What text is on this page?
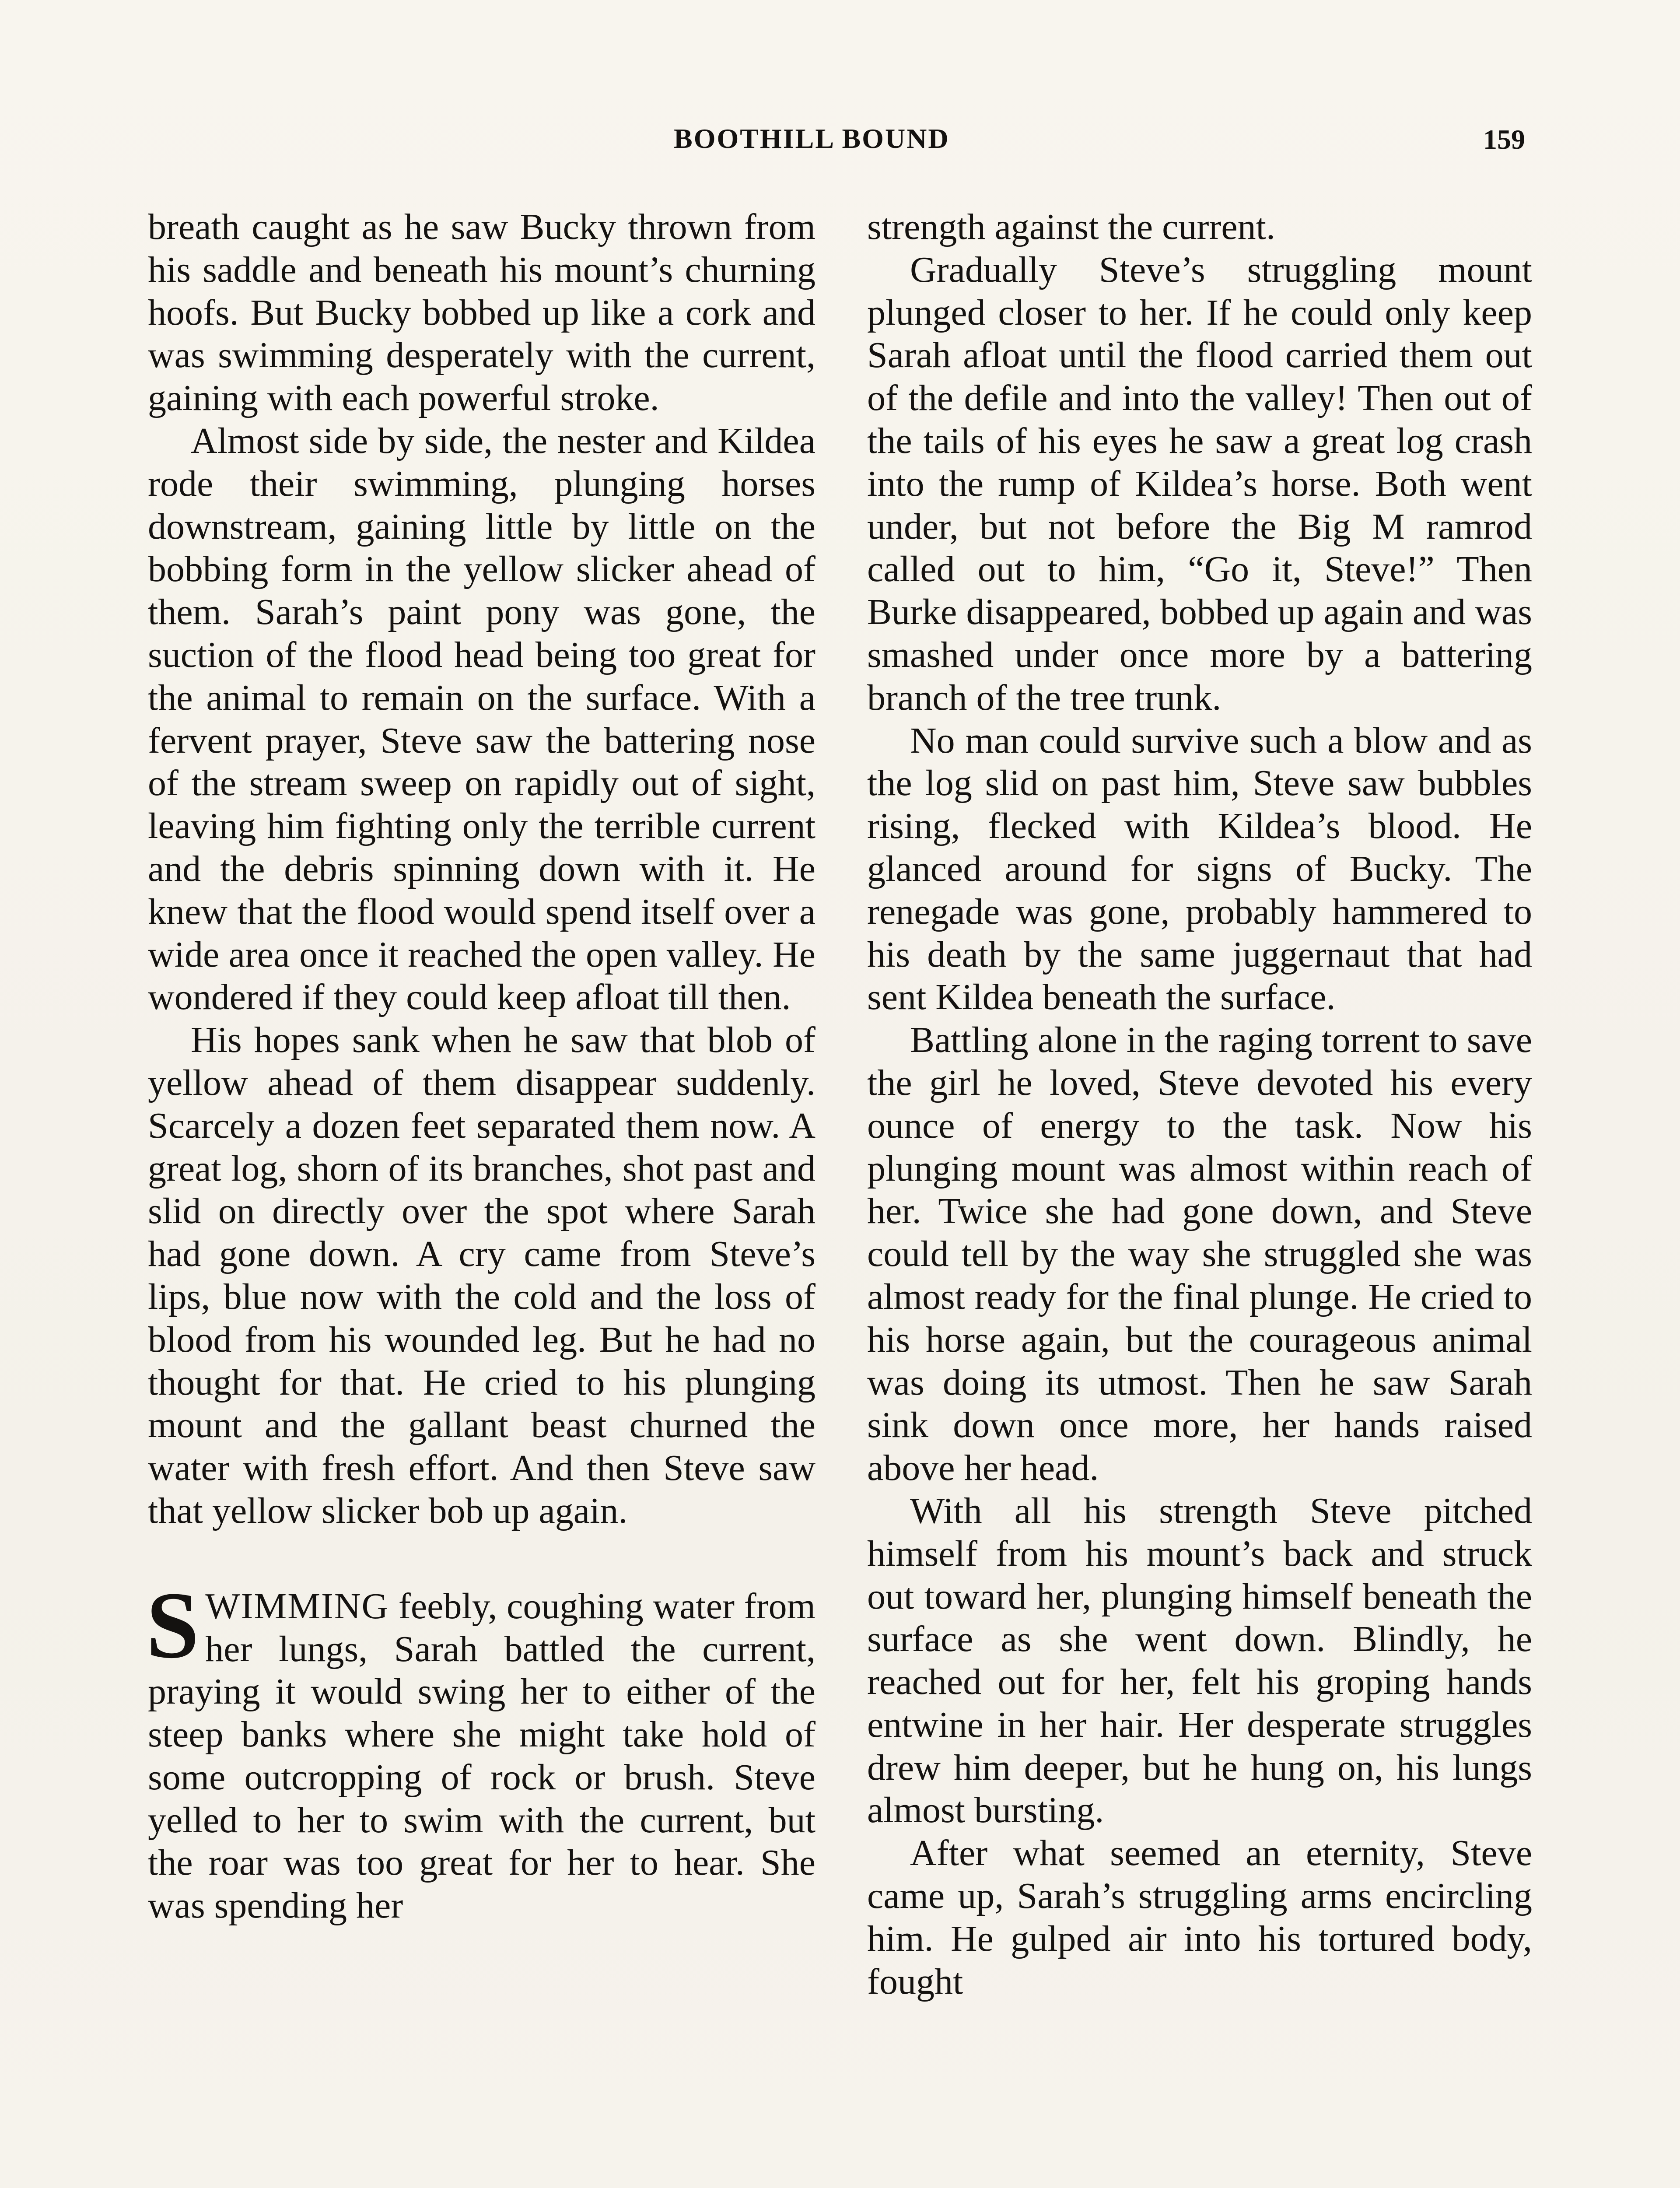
BOOTHILL BOUND	159

breath caught as he saw Bucky thrown from his saddle and beneath his mount’s churning hoofs. But Bucky bobbed up like a cork and was swimming desperately with the current, gaining with each powerful stroke.

Almost side by side, the nester and Kildea rode their swimming, plunging horses downstream, gaining little by little on the bobbing form in the yellow slicker ahead of them. Sarah’s paint pony was gone, the suction of the flood head being too great for the animal to remain on the surface. With a fervent prayer, Steve saw the battering nose of the stream sweep on rapidly out of sight, leaving him fighting only the terrible current and the debris spinning down with it. He knew that the flood would spend itself over a wide area once it reached the open valley. He wondered if they could keep afloat till then.

His hopes sank when he saw that blob of yellow ahead of them disappear suddenly. Scarcely a dozen feet separated them now. A great log, shorn of its branches, shot past and slid on directly over the spot where Sarah had gone down. A cry came from Steve’s lips, blue now with the cold and the loss of blood from his wounded leg. But he had no thought for that. He cried to his plunging mount and the gallant beast churned the water with fresh effort. And then Steve saw that yellow slicker bob up again.

SWIMMING feebly, coughing water from her lungs, Sarah battled the current, praying it would swing her to either of the steep banks where she might take hold of some outcropping of rock or brush. Steve yelled to her to swim with the current, but the roar was too great for her to hear. She was spending her

strength against the current.

Gradually Steve’s struggling mount plunged closer to her. If he could only keep Sarah afloat until the flood carried them out of the defile and into the valley! Then out of the tails of his eyes he saw a great log crash into the rump of Kildea’s horse. Both went under, but not before the Big M ramrod called out to him, “Go it, Steve!” Then Burke disappeared, bobbed up again and was smashed under once more by a battering branch of the tree trunk.

No man could survive such a blow and as the log slid on past him, Steve saw bubbles rising, flecked with Kildea’s blood. He glanced around for signs of Bucky. The renegade was gone, probably hammered to his death by the same juggernaut that had sent Kildea beneath the surface.

Battling alone in the raging torrent to save the girl he loved, Steve devoted his every ounce of energy to the task. Now his plunging mount was almost within reach of her. Twice she had gone down, and Steve could tell by the way she struggled she was almost ready for the final plunge. He cried to his horse again, but the courageous animal was doing its utmost. Then he saw Sarah sink down once more, her hands raised above her head.

With all his strength Steve pitched himself from his mount’s back and struck out toward her, plunging himself beneath the surface as she went down. Blindly, he reached out for her, felt his groping hands entwine in her hair. Her desperate struggles drew him deeper, but he hung on, his lungs almost bursting.

After what seemed an eternity, Steve came up, Sarah’s struggling arms encircling him. He gulped air into his tortured body, fought
